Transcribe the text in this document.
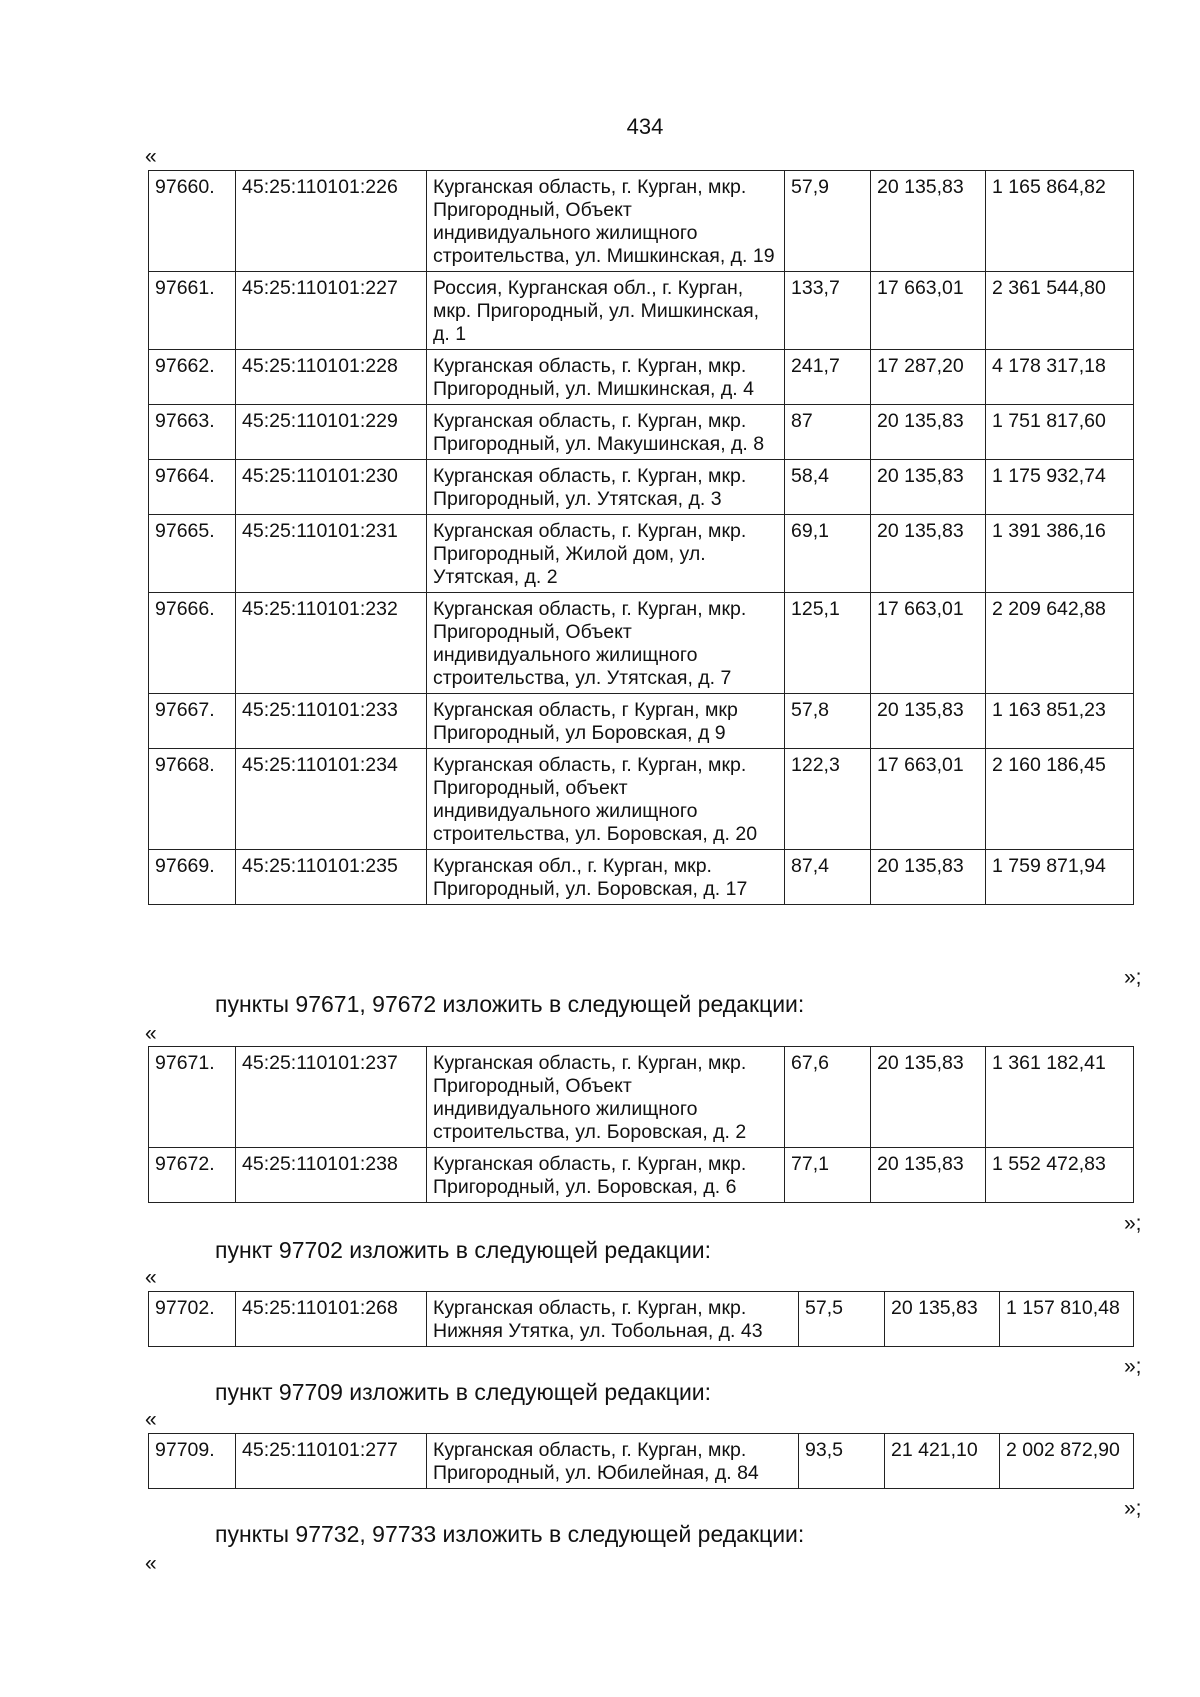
434
«
97660.	45:25:110101:226	Курганская область, г. Курган, мкр. Пригородный, Объект индивидуального жилищного строительства, ул. Мишкинская, д. 19	57,9	20 135,83	1 165 864,82
97661.	45:25:110101:227	Россия, Курганская обл., г. Курган, мкр. Пригородный, ул. Мишкинская, д. 1	133,7	17 663,01	2 361 544,80
97662.	45:25:110101:228	Курганская область, г. Курган, мкр. Пригородный, ул. Мишкинская, д. 4	241,7	17 287,20	4 178 317,18
97663.	45:25:110101:229	Курганская область, г. Курган, мкр. Пригородный, ул. Макушинская, д. 8	87	20 135,83	1 751 817,60
97664.	45:25:110101:230	Курганская область, г. Курган, мкр. Пригородный, ул. Утятская, д. 3	58,4	20 135,83	1 175 932,74
97665.	45:25:110101:231	Курганская область, г. Курган, мкр. Пригородный, Жилой дом, ул. Утятская, д. 2	69,1	20 135,83	1 391 386,16
97666.	45:25:110101:232	Курганская область, г. Курган, мкр. Пригородный, Объект индивидуального жилищного строительства, ул. Утятская, д. 7	125,1	17 663,01	2 209 642,88
97667.	45:25:110101:233	Курганская область, г Курган, мкр Пригородный, ул Боровская, д 9	57,8	20 135,83	1 163 851,23
97668.	45:25:110101:234	Курганская область, г. Курган, мкр. Пригородный, объект индивидуального жилищного строительства, ул. Боровская, д. 20	122,3	17 663,01	2 160 186,45
97669.	45:25:110101:235	Курганская обл., г. Курган, мкр. Пригородный, ул. Боровская, д. 17	87,4	20 135,83	1 759 871,94
»;
пункты 97671, 97672 изложить в следующей редакции:
«
97671.	45:25:110101:237	Курганская область, г. Курган, мкр. Пригородный, Объект индивидуального жилищного строительства, ул. Боровская, д. 2	67,6	20 135,83	1 361 182,41
97672.	45:25:110101:238	Курганская область, г. Курган, мкр. Пригородный, ул. Боровская, д. 6	77,1	20 135,83	1 552 472,83
»;
пункт 97702 изложить в следующей редакции:
«
97702.	45:25:110101:268	Курганская область, г. Курган, мкр. Нижняя Утятка, ул. Тобольная, д. 43	57,5	20 135,83	1 157 810,48
»;
пункт 97709 изложить в следующей редакции:
«
97709.	45:25:110101:277	Курганская область, г. Курган, мкр. Пригородный, ул. Юбилейная, д. 84	93,5	21 421,10	2 002 872,90
»;
пункты 97732, 97733 изложить в следующей редакции:
«
